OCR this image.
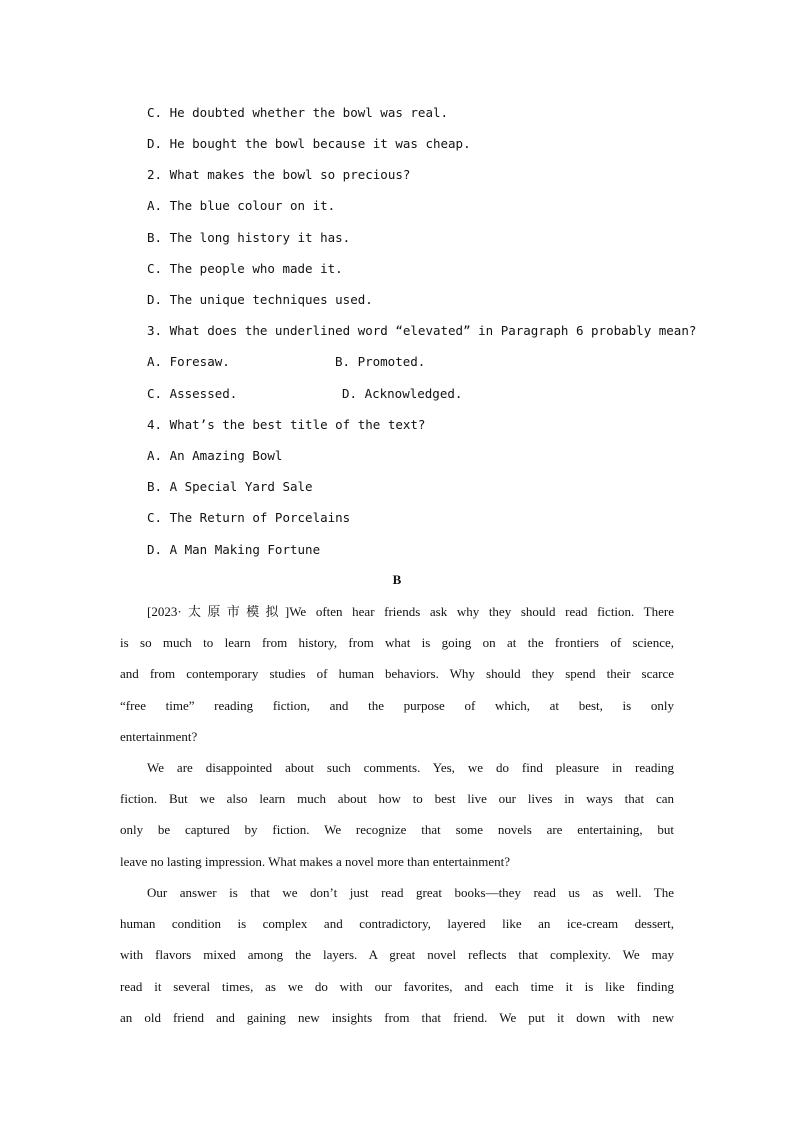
C. He doubted whether the bowl was real.
D. He bought the bowl because it was cheap.
2. What makes the bowl so precious?
A. The blue colour on it.
B. The long history it has.
C. The people who made it.
D. The unique techniques used.
3. What does the underlined word “elevated” in Paragraph 6 probably mean?

A. Foresaw.

	B. Promoted.

C. Assessed.

	D. Acknowledged.

4. What’s the best title of the text?
A. An Amazing Bowl
B. A Special Yard Sale
C. The Return of Porcelains
D. A Man Making Fortune
B
[2023·太原市模拟]We often hear friends ask why they should read fiction. There
is so much to learn from history, from what is going on at the frontiers of science,
and from contemporary studies of human behaviors. Why should they spend their scarce
“free time” reading fiction, and the purpose of which, at best, is only
entertainment?
We are disappointed about such comments. Yes, we do find pleasure in reading
fiction. But we also learn much about how to best live our lives in ways that can
only be captured by fiction. We recognize that some novels are entertaining, but
leave no lasting impression. What makes a novel more than entertainment?
Our answer is that we don’t just read great books—they read us as well. The
human condition is complex and contradictory, layered like an ice-cream dessert,
with flavors mixed among the layers. A great novel reflects that complexity. We may
read it several times, as we do with our favorites, and each time it is like finding
an old friend and gaining new insights from that friend. We put it down with new
